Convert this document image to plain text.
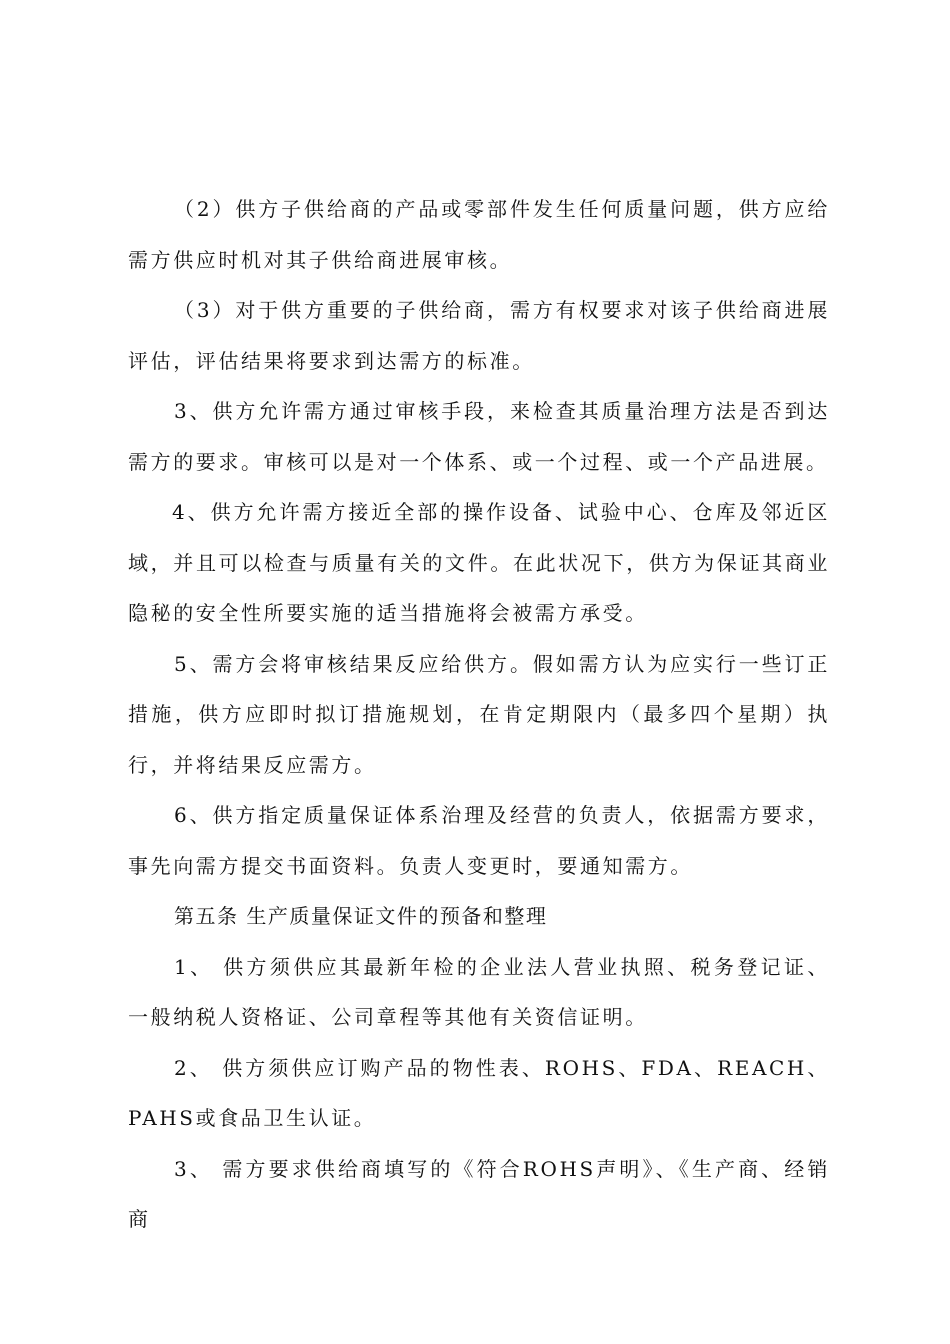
（2）供方子供给商的产品或零部件发生任何质量问题，供方应给需方供应时机对其子供给商进展审核。

（3）对于供方重要的子供给商，需方有权要求对该子供给商进展评估，评估结果将要求到达需方的标准。

3、供方允许需方通过审核手段，来检查其质量治理方法是否到达需方的要求。审核可以是对一个体系、或一个过程、或一个产品进展。

4、供方允许需方接近全部的操作设备、试验中心、仓库及邻近区域，并且可以检查与质量有关的文件。在此状况下，供方为保证其商业隐秘的安全性所要实施的适当措施将会被需方承受。

5、需方会将审核结果反应给供方。假如需方认为应实行一些订正措施，供方应即时拟订措施规划，在肯定期限内（最多四个星期）执行，并将结果反应需方。

6、供方指定质量保证体系治理及经营的负责人，依据需方要求，事先向需方提交书面资料。负责人变更时，要通知需方。

第五条 生产质量保证文件的预备和整理

1、 供方须供应其最新年检的企业法人营业执照、税务登记证、一般纳税人资格证、公司章程等其他有关资信证明。

2、 供方须供应订购产品的物性表、ROHS、FDA、REACH、PAHS或食品卫生认证。

3、 需方要求供给商填写的《符合ROHS声明》、《生产商、经销商
